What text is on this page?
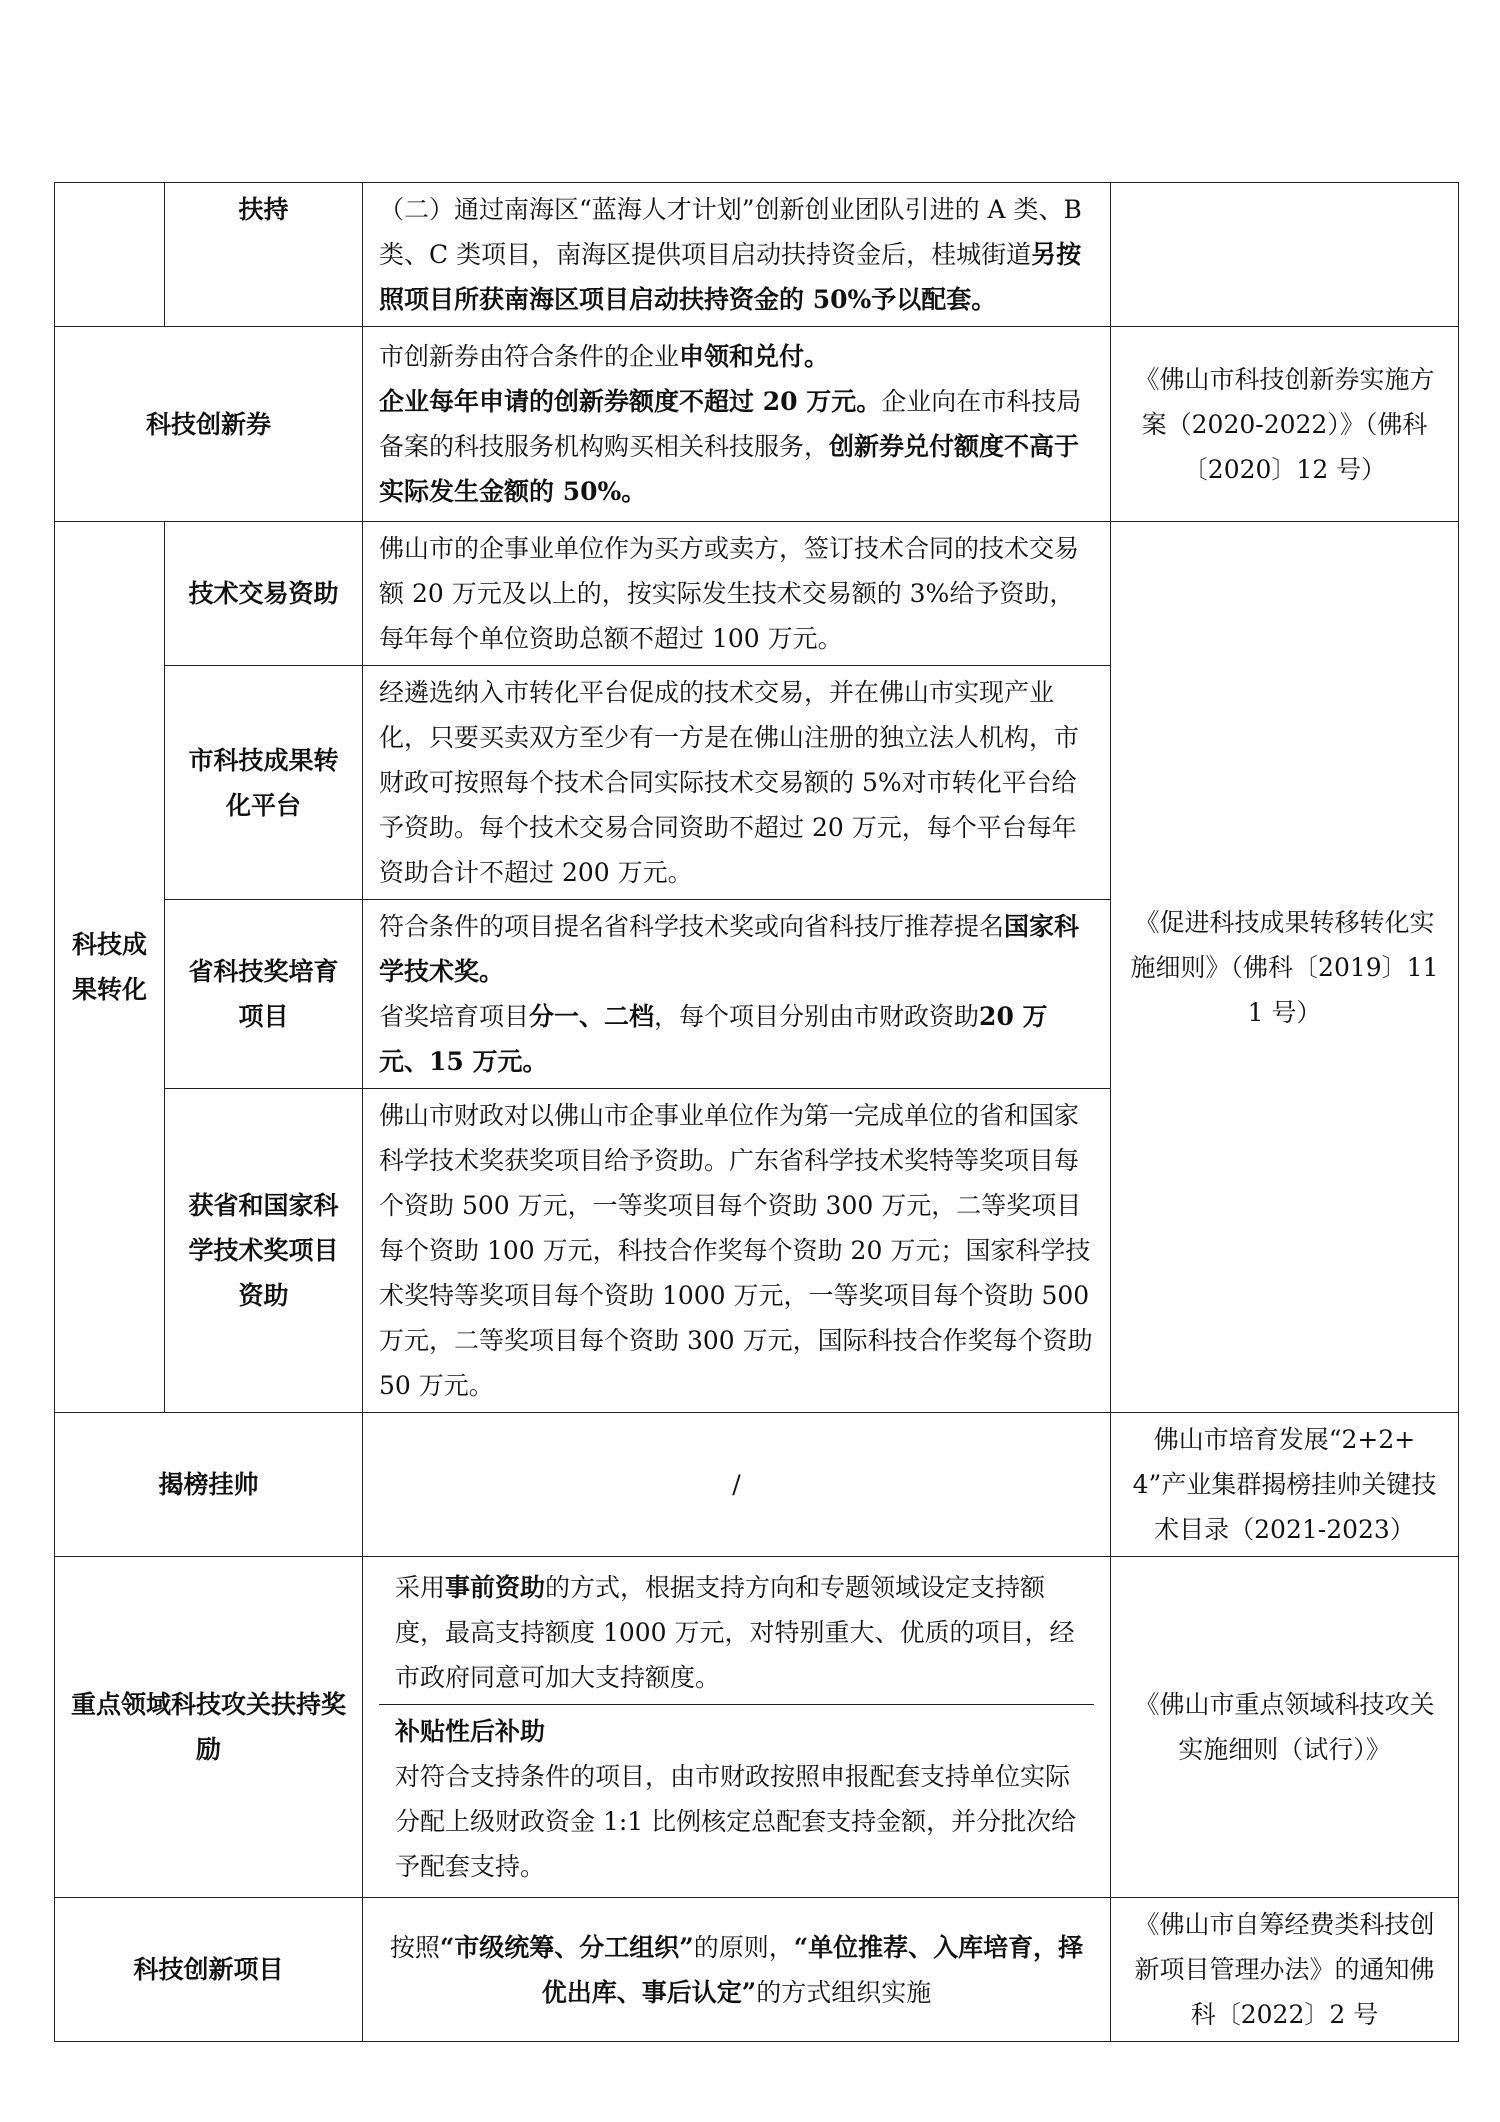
	扶持	（二）通过南海区“蓝海人才计划”创新创业团队引进的 A 类、B 类、C 类项目，南海区提供项目启动扶持资金后，桂城街道另按照项目所获南海区项目启动扶持资金的 50%予以配套。	
科技创新券		市创新券由符合条件的企业申领和兑付。
企业每年申请的创新券额度不超过 20 万元。企业向在市科技局备案的科技服务机构购买相关科技服务，创新券兑付额度不高于实际发生金额的 50%。	《佛山市科技创新券实施方案（2020-2022）》（佛科〔2020〕12 号）
科技成果转化	技术交易资助	佛山市的企事业单位作为买方或卖方，签订技术合同的技术交易额 20 万元及以上的，按实际发生技术交易额的 3%给予资助，每年每个单位资助总额不超过 100 万元。	《促进科技成果转移转化实施细则》（佛科〔2019〕111 号）
	市科技成果转化平台	经遴选纳入市转化平台促成的技术交易，并在佛山市实现产业化，只要买卖双方至少有一方是在佛山注册的独立法人机构，市财政可按照每个技术合同实际技术交易额的 5%对市转化平台给予资助。每个技术交易合同资助不超过 20 万元，每个平台每年资助合计不超过 200 万元。	
	省科技奖培育项目	符合条件的项目提名省科学技术奖或向省科技厅推荐提名国家科学技术奖。
省奖培育项目分一、二档，每个项目分别由市财政资助20 万元、15 万元。	

	获省和国家科学技术奖项目资助	佛山市财政对以佛山市企事业单位作为第一完成单位的省和国家科学技术奖获奖项目给予资助。广东省科学技术奖特等奖项目每个资助 500 万元，一等奖项目每个资助 300 万元，二等奖项目每个资助 100 万元，科技合作奖每个资助 20 万元；国家科学技术奖特等奖项目每个资助 1000 万元，一等奖项目每个资助 500 万元，二等奖项目每个资助 300 万元，国际科技合作奖每个资助 50 万元。	
揭榜挂帅		/	佛山市培育发展“2+2+4”产业集群揭榜挂帅关键技术目录（2021-2023）
重点领域科技攻关扶持奖励		采用事前资助的方式，根据支持方向和专题领域设定支持额度，最高支持额度 1000 万元，对特别重大、优质的项目，经市政府同意可加大支持额度。
补贴性后补助
对符合支持条件的项目，由市财政按照申报配套支持单位实际分配上级财政资金 1:1 比例核定总配套支持金额，并分批次给予配套支持。	《佛山市重点领域科技攻关实施细则（试行）》
科技创新项目		按照“市级统筹、分工组织”的原则，“单位推荐、入库培育，择优出库、事后认定”的方式组织实施	《佛山市自筹经费类科技创新项目管理办法》的通知佛科〔2022〕2 号
